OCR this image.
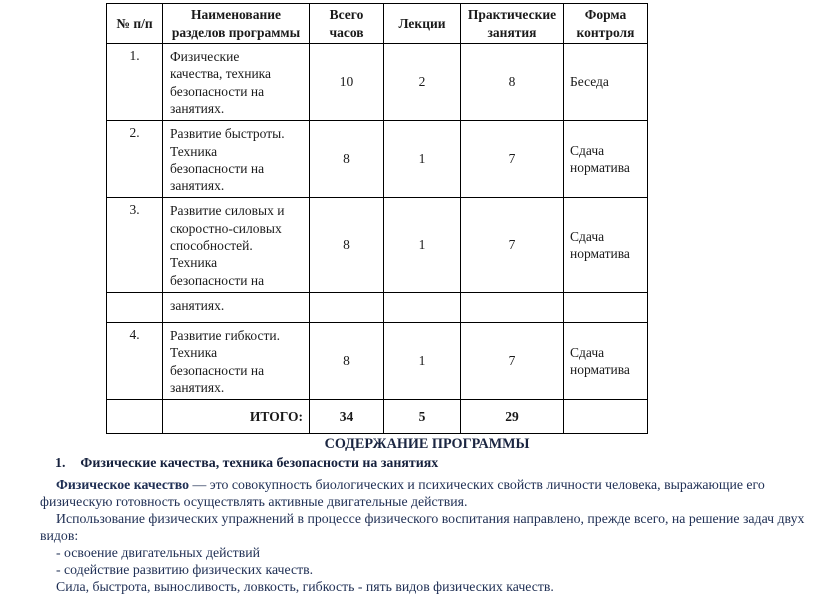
№ п/п	Наименование разделов программы	Всего часов	Лекции	Практические занятия	Форма контроля
1.	Физические качества, техника безопасности на занятиях.	10	2	8	Беседа
2.	Развитие быстроты. Техника безопасности на занятиях.	8	1	7	Сдача норматива
3.	Развитие силовых и скоростно-силовых способностей. Техника безопасности на	8	1	7	Сдача норматива
	занятиях.				
4.	Развитие гибкости. Техника безопасности на занятиях.	8	1	7	Сдача норматива
	ИТОГО:	34	5	29	
СОДЕРЖАНИЕ ПРОГРАММЫ
1. Физические качества, техника безопасности на занятиях

Физическое качество — это совокупность биологических и психических свойств личности человека, выражающие его физическую готовность осуществлять активные двигательные действия.

Использование физических упражнений в процессе физического воспитания направлено, прежде всего, на решение задач двух видов:

- освоение двигательных действий

- содействие развитию физических качеств.

Сила, быстрота, выносливость, ловкость, гибкость - пять видов физических качеств.
